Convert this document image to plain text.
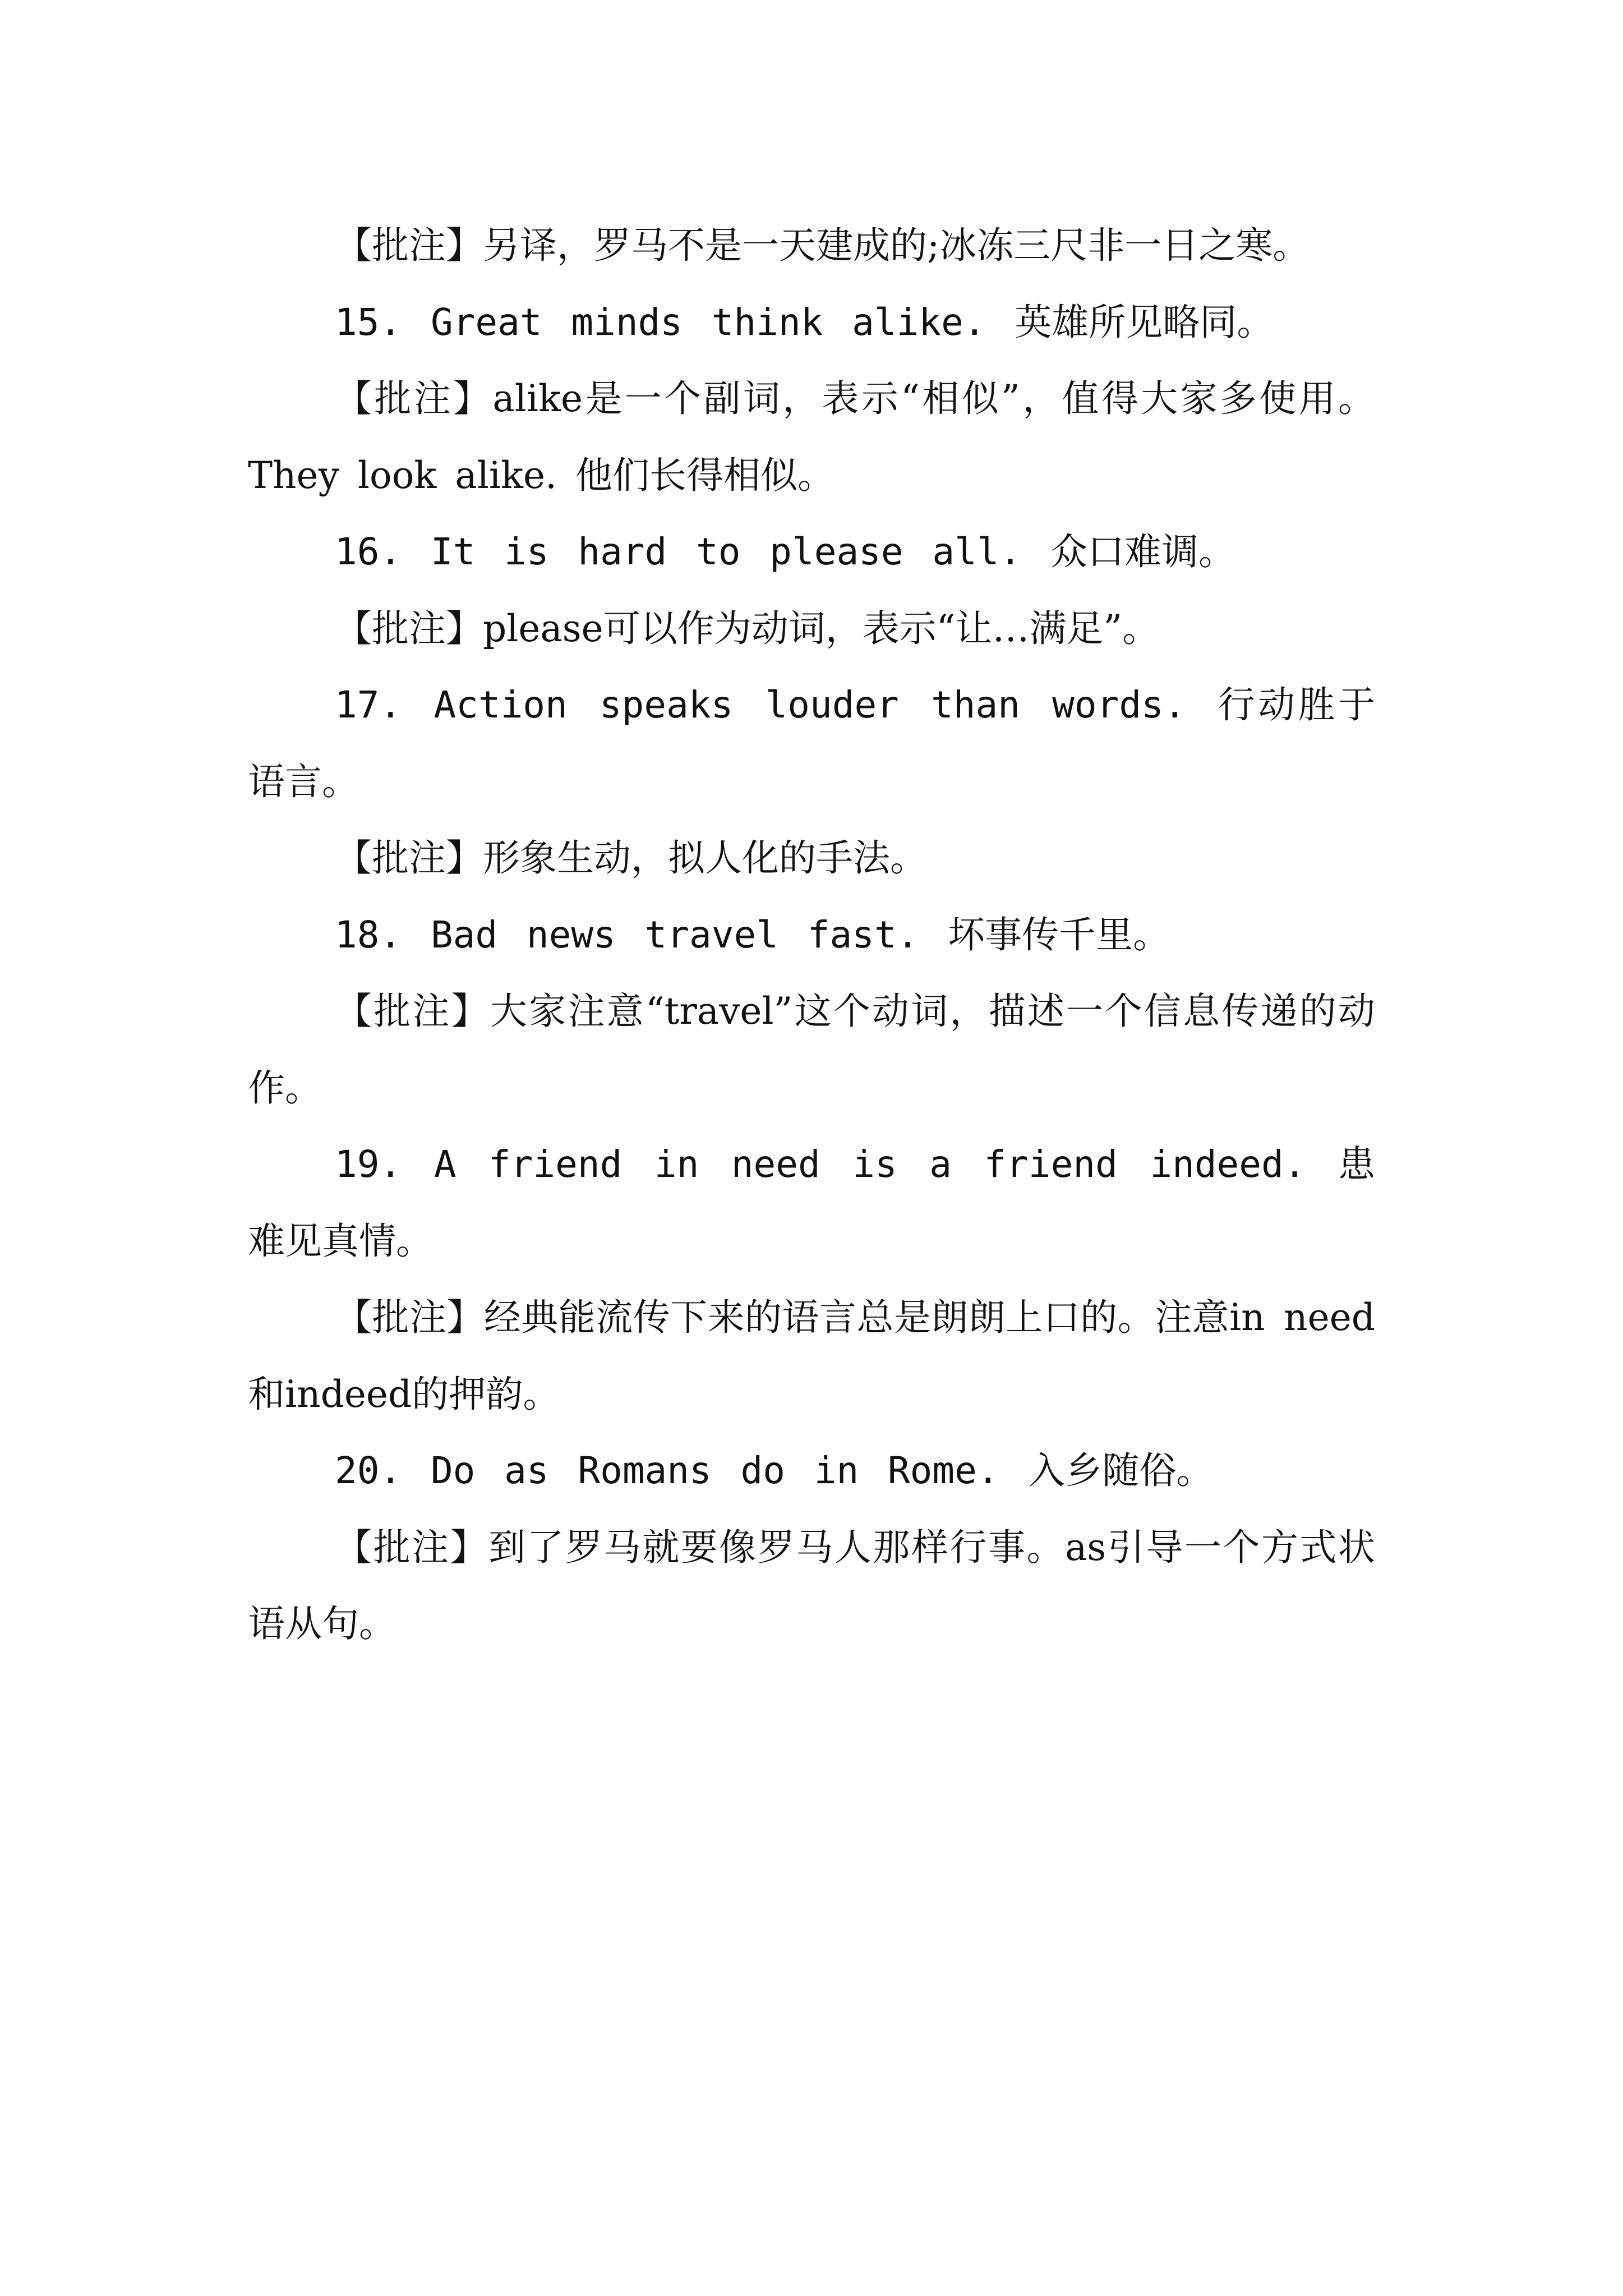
【批注】另译，罗马不是一天建成的;冰冻三尺非一日之寒。

15. Great minds think alike. 英雄所见略同。

【批注】alike是一个副词，表示“相似”，值得大家多使用。They look alike. 他们长得相似。

16. It is hard to please all. 众口难调。

【批注】please可以作为动词，表示“让…满足”。

17. Action speaks louder than words. 行动胜于语言。

【批注】形象生动，拟人化的手法。

18. Bad news travel fast. 坏事传千里。

【批注】大家注意“travel”这个动词，描述一个信息传递的动作。

19. A friend in need is a friend indeed. 患难见真情。

【批注】经典能流传下来的语言总是朗朗上口的。注意in need和indeed的押韵。

20. Do as Romans do in Rome. 入乡随俗。

【批注】到了罗马就要像罗马人那样行事。as引导一个方式状语从句。
